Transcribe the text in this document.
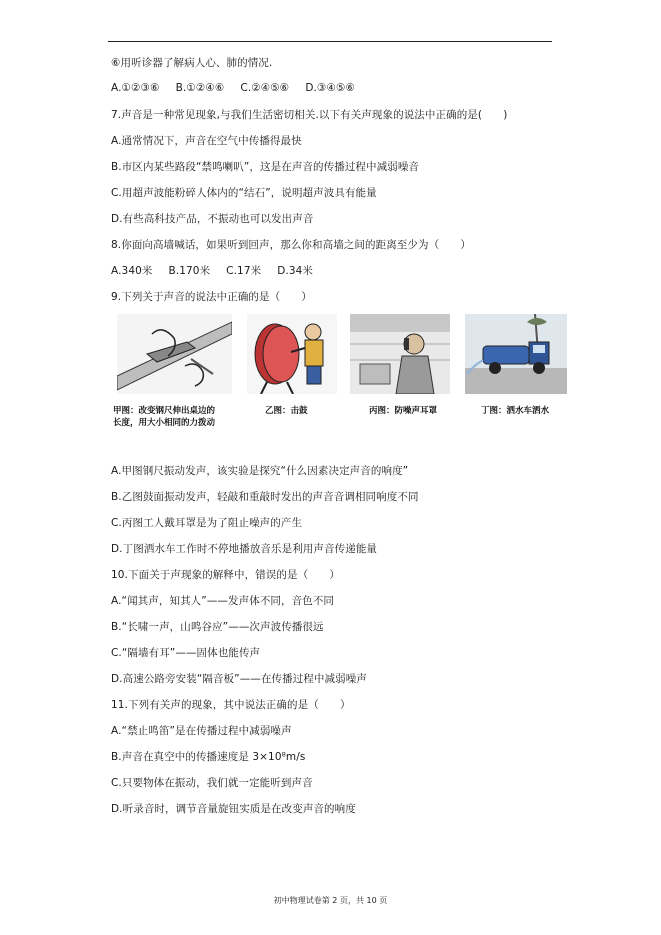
⑥用听诊器了解病人心、肺的情况.
A.①②③⑥ B.①②④⑥ C.②④⑤⑥ D.③④⑤⑥
7.声音是一种常见现象,与我们生活密切相关.以下有关声现象的说法中正确的是(　　)
A.通常情况下，声音在空气中传播得最快
B.市区内某些路段“禁鸣喇叭”，这是在声音的传播过程中减弱噪音
C.用超声波能粉碎人体内的“结石”，说明超声波具有能量
D.有些高科技产品，不振动也可以发出声音
8.你面向高墙喊话，如果听到回声，那么你和高墙之间的距离至少为（　　）
A.340米 B.170米 C.17米 D.34米
9.下列关于声音的说法中正确的是（　　）
甲图：改变钢尺伸出桌边的
长度，用大小相同的力拨动
乙图：击鼓	丙图：防噪声耳罩	丁图：洒水车洒水
A.甲图钢尺振动发声，该实验是探究“什么因素决定声音的响度”
B.乙图鼓面振动发声，轻敲和重敲时发出的声音音调相同响度不同
C.丙图工人戴耳罩是为了阻止噪声的产生
D.丁图洒水车工作时不停地播放音乐是利用声音传递能量
10.下面关于声现象的解释中，错误的是（　　）
A.“闻其声，知其人”——发声体不同，音色不同
B.“长啸一声，山鸣谷应”——次声波传播很远
C.“隔墙有耳”——固体也能传声
D.高速公路旁安装“隔音板”——在传播过程中减弱噪声
11.下列有关声的现象，其中说法正确的是（　　）
A.“禁止鸣笛”是在传播过程中减弱噪声
B.声音在真空中的传播速度是 3×10⁸m/s
C.只要物体在振动，我们就一定能听到声音
D.听录音时，调节音量旋钮实质是在改变声音的响度
初中物理试卷第 2 页，共 10 页
